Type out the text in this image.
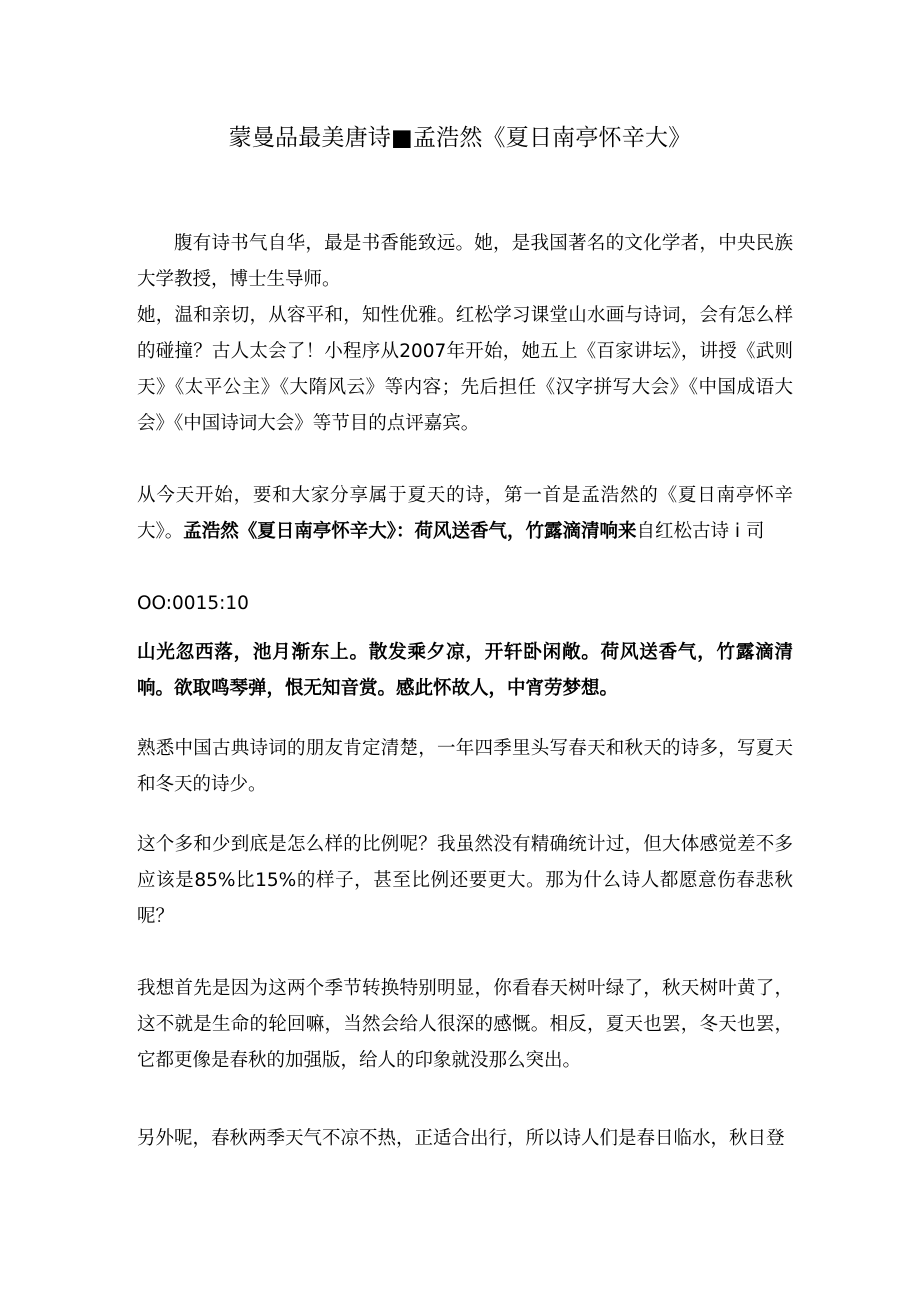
蒙曼品最美唐诗■孟浩然《夏日南亭怀辛大》

腹有诗书气自华，最是书香能致远。她，是我国著名的文化学者，中央民族大学教授，博士生导师。

她，温和亲切，从容平和，知性优雅。红松学习课堂山水画与诗词，会有怎么样的碰撞？古人太会了！小程序从2007年开始，她五上《百家讲坛》，讲授《武则天》《太平公主》《大隋风云》等内容；先后担任《汉字拼写大会》《中国成语大会》《中国诗词大会》等节目的点评嘉宾。

从今天开始，要和大家分享属于夏天的诗，第一首是孟浩然的《夏日南亭怀辛大》。孟浩然《夏日南亭怀辛大》：荷风送香气，竹露滴清响来自红松古诗 i 司

OO:0015:10

山光忽西落，池月渐东上。散发乘夕凉，开轩卧闲敞。荷风送香气，竹露滴清响。欲取鸣琴弹，恨无知音赏。感此怀故人，中宵劳梦想。

熟悉中国古典诗词的朋友肯定清楚，一年四季里头写春天和秋天的诗多，写夏天和冬天的诗少。

这个多和少到底是怎么样的比例呢？我虽然没有精确统计过，但大体感觉差不多应该是85%比15%的样子，甚至比例还要更大。那为什么诗人都愿意伤春悲秋呢？

我想首先是因为这两个季节转换特别明显，你看春天树叶绿了，秋天树叶黄了，这不就是生命的轮回嘛，当然会给人很深的感慨。相反，夏天也罢，冬天也罢，它都更像是春秋的加强版，给人的印象就没那么突出。

另外呢，春秋两季天气不凉不热，正适合出行，所以诗人们是春日临水，秋日登
